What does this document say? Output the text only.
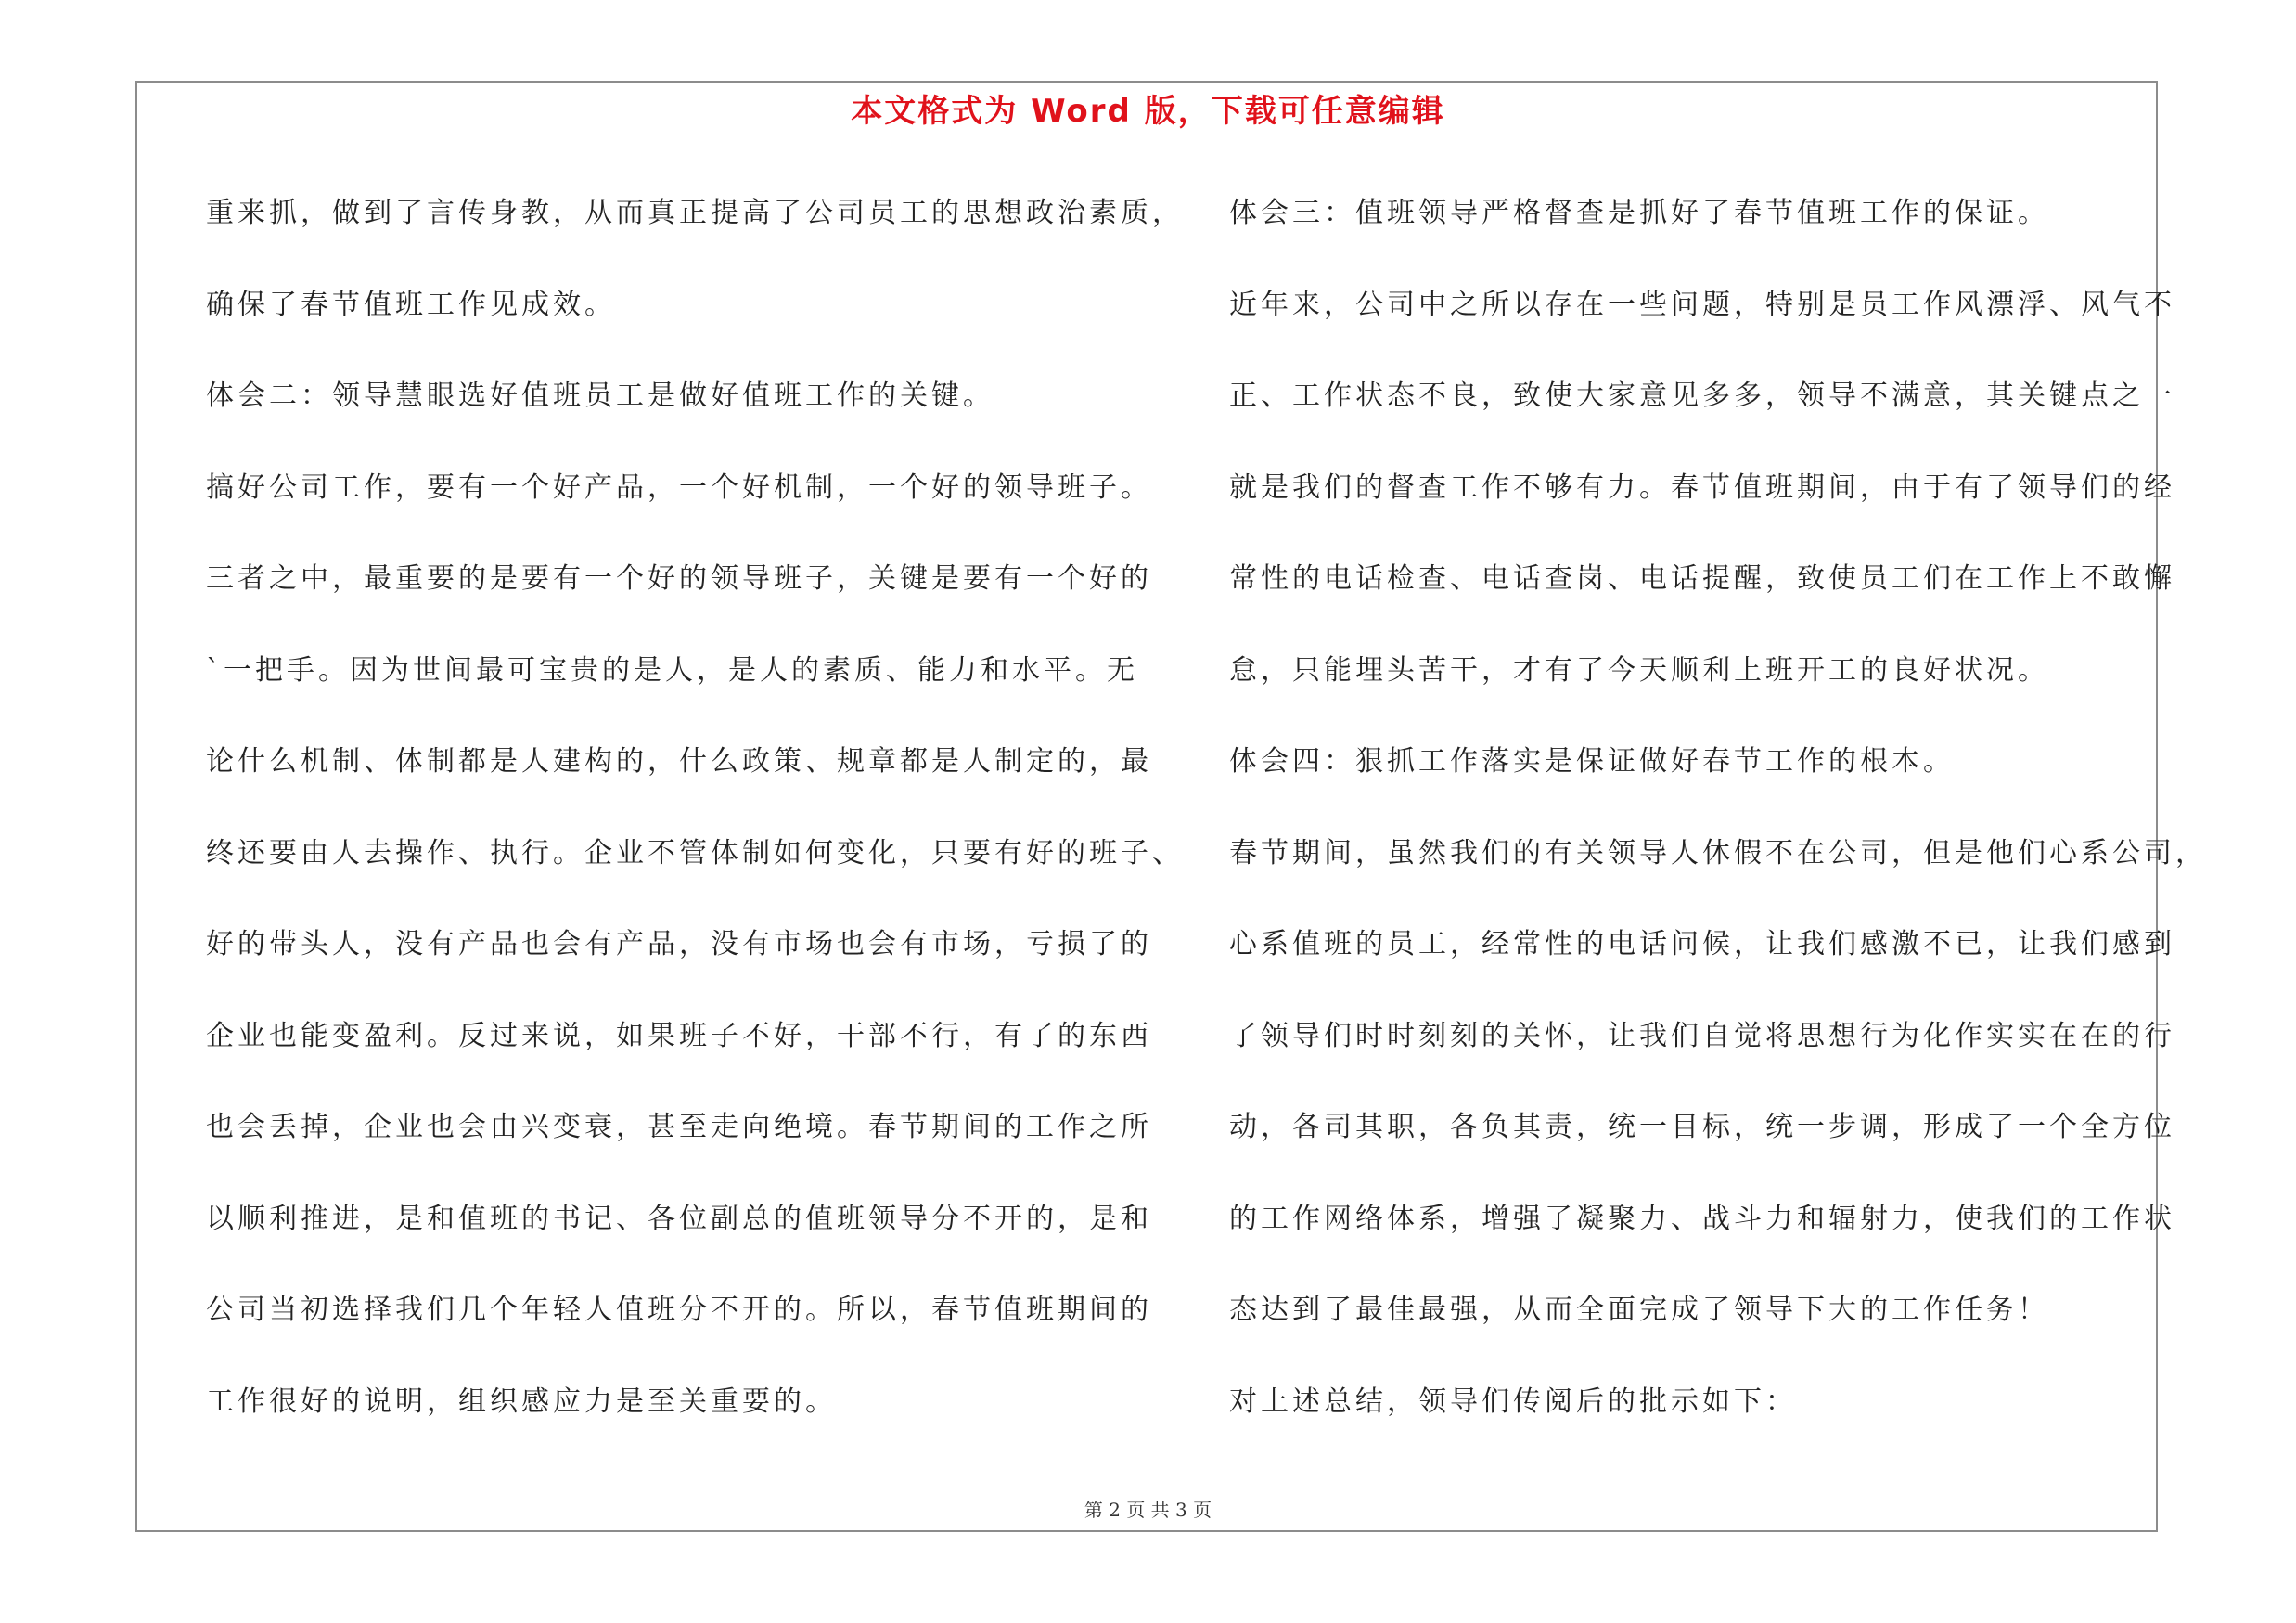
本文格式为 Word 版，下载可任意编辑
重来抓，做到了言传身教，从而真正提高了公司员工的思想政治素质，
确保了春节值班工作见成效。
体会二：领导慧眼选好值班员工是做好值班工作的关键。
搞好公司工作，要有一个好产品，一个好机制，一个好的领导班子。
三者之中，最重要的是要有一个好的领导班子，关键是要有一个好的
`一把手。因为世间最可宝贵的是人，是人的素质、能力和水平。无
论什么机制、体制都是人建构的，什么政策、规章都是人制定的，最
终还要由人去操作、执行。企业不管体制如何变化，只要有好的班子、
好的带头人，没有产品也会有产品，没有市场也会有市场，亏损了的
企业也能变盈利。反过来说，如果班子不好，干部不行，有了的东西
也会丢掉，企业也会由兴变衰，甚至走向绝境。春节期间的工作之所
以顺利推进，是和值班的书记、各位副总的值班领导分不开的，是和
公司当初选择我们几个年轻人值班分不开的。所以，春节值班期间的
工作很好的说明，组织感应力是至关重要的。
体会三：值班领导严格督查是抓好了春节值班工作的保证。
近年来，公司中之所以存在一些问题，特别是员工作风漂浮、风气不
正、工作状态不良，致使大家意见多多，领导不满意，其关键点之一
就是我们的督查工作不够有力。春节值班期间，由于有了领导们的经
常性的电话检查、电话查岗、电话提醒，致使员工们在工作上不敢懈
怠，只能埋头苦干，才有了今天顺利上班开工的良好状况。
体会四：狠抓工作落实是保证做好春节工作的根本。
春节期间，虽然我们的有关领导人休假不在公司，但是他们心系公司，
心系值班的员工，经常性的电话问候，让我们感激不已，让我们感到
了领导们时时刻刻的关怀，让我们自觉将思想行为化作实实在在的行
动，各司其职，各负其责，统一目标，统一步调，形成了一个全方位
的工作网络体系，增强了凝聚力、战斗力和辐射力，使我们的工作状
态达到了最佳最强，从而全面完成了领导下大的工作任务！
对上述总结，领导们传阅后的批示如下：
第 2 页 共 3 页
